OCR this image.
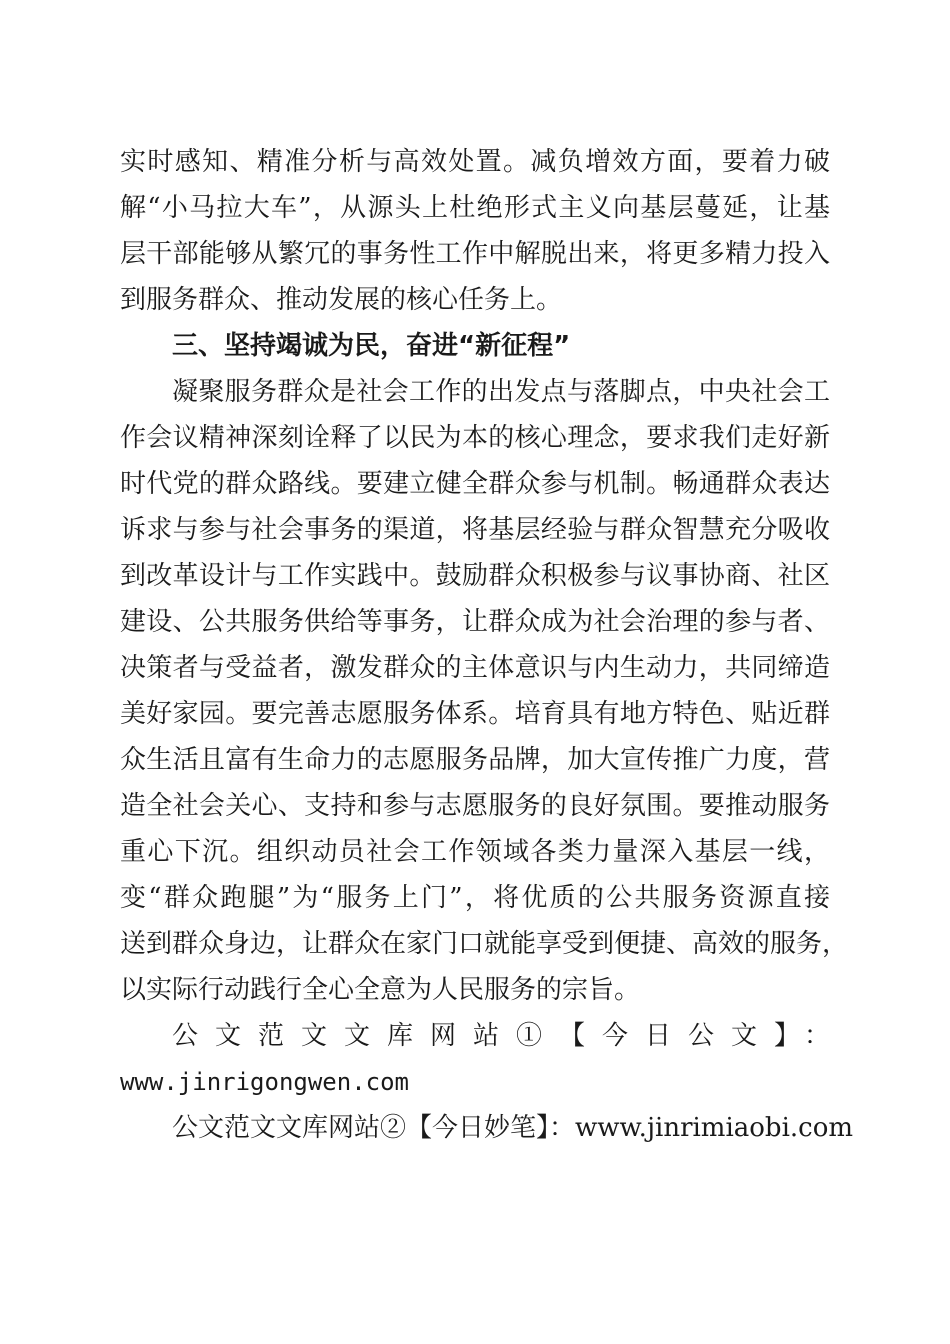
实时感知、精准分析与高效处置。减负增效方面，要着力破
解“小马拉大车”，从源头上杜绝形式主义向基层蔓延，让基
层干部能够从繁冗的事务性工作中解脱出来，将更多精力投入
到服务群众、推动发展的核心任务上。
三、坚持竭诚为民，奋进“新征程”
凝聚服务群众是社会工作的出发点与落脚点，中央社会工
作会议精神深刻诠释了以民为本的核心理念，要求我们走好新
时代党的群众路线。要建立健全群众参与机制。畅通群众表达
诉求与参与社会事务的渠道，将基层经验与群众智慧充分吸收
到改革设计与工作实践中。鼓励群众积极参与议事协商、社区
建设、公共服务供给等事务，让群众成为社会治理的参与者、
决策者与受益者，激发群众的主体意识与内生动力，共同缔造
美好家园。要完善志愿服务体系。培育具有地方特色、贴近群
众生活且富有生命力的志愿服务品牌，加大宣传推广力度，营
造全社会关心、支持和参与志愿服务的良好氛围。要推动服务
重心下沉。组织动员社会工作领域各类力量深入基层一线，
变“群众跑腿”为“服务上门”，将优质的公共服务资源直接
送到群众身边，让群众在家门口就能享受到便捷、高效的服务，
以实际行动践行全心全意为人民服务的宗旨。
公文范文文库网站①【今日公文】：
www.jinrigongwen.com
公文范文文库网站②【今日妙笔】：www.jinrimiaobi.com
